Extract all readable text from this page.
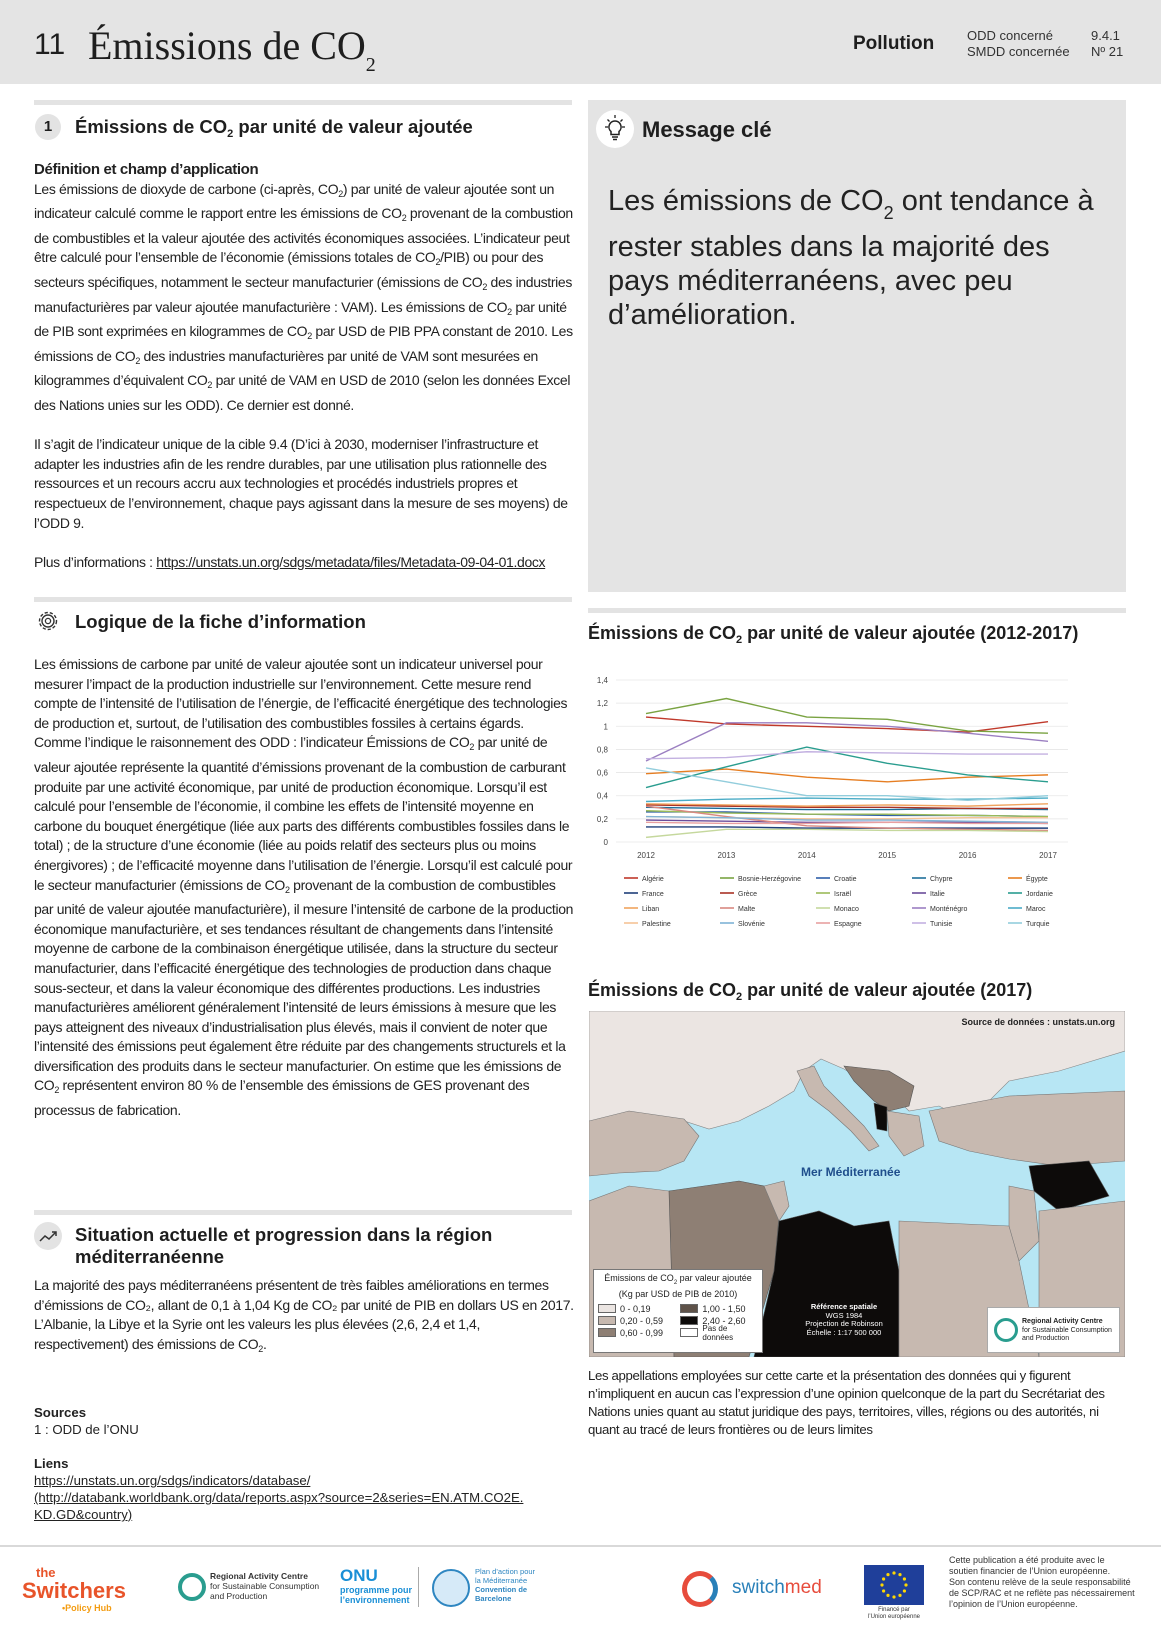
11 Émissions de $CO_2$
Pollution	ODD concerné
SMDD concernée
9.4.1
Nº 21
1	Émissions de $CO_2$ par unité de valeur ajoutée

Définition et champ d’application

Les émissions de dioxyde de carbone (ci-après, $CO_2$) par unité de valeur ajoutée sont un indicateur calculé comme le rapport entre les émissions de $CO_2$ provenant de la combustion de combustibles et la valeur ajoutée des activités économiques associées. L’indicateur peut être calculé pour l’ensemble de l’économie (émissions totales de $CO_2/PIB$) ou pour des secteurs spécifiques, notamment le secteur manufacturier (émissions de $CO_2$ des industries manufacturières par valeur ajoutée manufacturière : VAM). Les émissions de $CO_2$ par unité de PIB sont exprimées en kilogrammes de $CO_2$ par USD de PIB PPA constant de 2010. Les émissions de $CO_2$ des industries manufacturières par unité de VAM sont mesurées en kilogrammes d’équivalent $CO_2$ par unité de VAM en USD de 2010 (selon les données Excel des Nations unies sur les ODD). Ce dernier est donné.

Il s’agit de l’indicateur unique de la cible 9.4 (D’ici à 2030, moderniser l’infrastructure et adapter les industries afin de les rendre durables, par une utilisation plus rationnelle des ressources et un recours accru aux technologies et procédés industriels propres et respectueux de l’environnement, chaque pays agissant dans la mesure de ses moyens) de l’ODD 9.

Plus d’informations : https://unstats.un.org/sdgs/metadata/files/Metadata-09-04-01.docx

Message clé
Les émissions de $CO_2$ ont tendance à rester stables dans la majorité des pays méditerranéens, avec peu d’amélioration.
Logique de la fiche d’information

Les émissions de carbone par unité de valeur ajoutée sont un indicateur universel pour mesurer l’impact de la production industrielle sur l’environnement. Cette mesure rend compte de l’intensité de l’utilisation de l’énergie, de l’efficacité énergétique des technologies de production et, surtout, de l’utilisation des combustibles fossiles à certains égards.

Comme l’indique le raisonnement des ODD : l’indicateur Émissions de $CO_2$ par unité de valeur ajoutée représente la quantité d’émissions provenant de la combustion de carburant produite par une activité économique, par unité de production économique. Lorsqu’il est calculé pour l’ensemble de l’économie, il combine les effets de l’intensité moyenne en carbone du bouquet énergétique (liée aux parts des différents combustibles fossiles dans le total) ; de la structure d’une économie (liée au poids relatif des secteurs plus ou moins énergivores) ; de l’efficacité moyenne dans l’utilisation de l’énergie. Lorsqu’il est calculé pour le secteur manufacturier (émissions de $CO_2$ provenant de la combustion de combustibles par unité de valeur ajoutée manufacturière), il mesure l’intensité de carbone de la production économique manufacturière, et ses tendances résultant de changements dans l’intensité moyenne de carbone de la combinaison énergétique utilisée, dans la structure du secteur manufacturier, dans l’efficacité énergétique des technologies de production dans chaque sous-secteur, et dans la valeur économique des différentes productions. Les industries manufacturières améliorent généralement l’intensité de leurs émissions à mesure que les pays atteignent des niveaux d’industrialisation plus élevés, mais il convient de noter que l’intensité des émissions peut également être réduite par des changements structurels et la diversification des produits dans le secteur manufacturier. On estime que les émissions de $CO_2$ représentent environ 80 % de l’ensemble des émissions de GES provenant des processus de fabrication.

Situation actuelle et progression dans la région
méditerranéenne

La majorité des pays méditerranéens présentent de très faibles améliorations en termes d’émissions de CO₂, allant de 0,1 à 1,04 Kg de CO₂ par unité de PIB en dollars US en 2017. L’Albanie, la Libye et la Syrie ont les valeurs les plus élevées (2,6, 2,4 et 1,4, respectivement) des émissions de $CO_2$.

Sources

1 : ODD de l’ONU

Liens

https://unstats.un.org/sdgs/indicators/database/

(http://databank.worldbank.org/data/reports.aspx?source=2&series=EN.ATM.CO2E.

KD.GD&country)

Émissions de $CO_2$ par unité de valeur ajoutée (2012-2017)
0
0,2
0,4
0,6
0,8
1
1,2
1,4
2012	2013	2014	2015	2016	2017
Algérie	Bosnie-Herzégovine	Croatie	Chypre	Égypte
France	Grèce	Israël	Italie	Jordanie
Liban	Malte	Monaco	Monténégro	Maroc
Palestine	Slovénie	Espagne	Tunisie	Turquie
Émissions de $CO_2$ par unité de valeur ajoutée (2017)
Source de données : unstats.un.org
Mer Méditerranée
Émissions de $CO_2$ par valeur ajoutée
(Kg par USD de PIB de 2010)
0 - 0,19
0,20 - 0,59
0,60 - 0,99
1,00 - 1,50
2,40 - 2,60
Pas de données
Référence spatiale
WGS 1984
Projection de Robinson
Échelle : 1:17 500 000
Regional Activity Centre
for Sustainable Consumption
and Production
Les appellations employées sur cette carte et la présentation des données qui y figurent n’impliquent en aucun cas l’expression d’une opinion quelconque de la part du Secrétariat des Nations unies quant au statut juridique des pays, territoires, villes, régions ou des autorités, ni quant au tracé de leurs frontières ou de leurs limites
the
Switchers
•Policy Hub
Regional Activity Centre
for Sustainable Consumption
and Production
ONU
programme pour
l’environnement
Plan d’action pour
la Méditerranée
Convention de
Barcelone
switchmed
Financé par
l’Union européenne
Cette publication a été produite avec le
soutien financier de l’Union européenne.
Son contenu relève de la seule responsabilité
de SCP/RAC et ne reflète pas nécessairement
l’opinion de l’Union européenne.
